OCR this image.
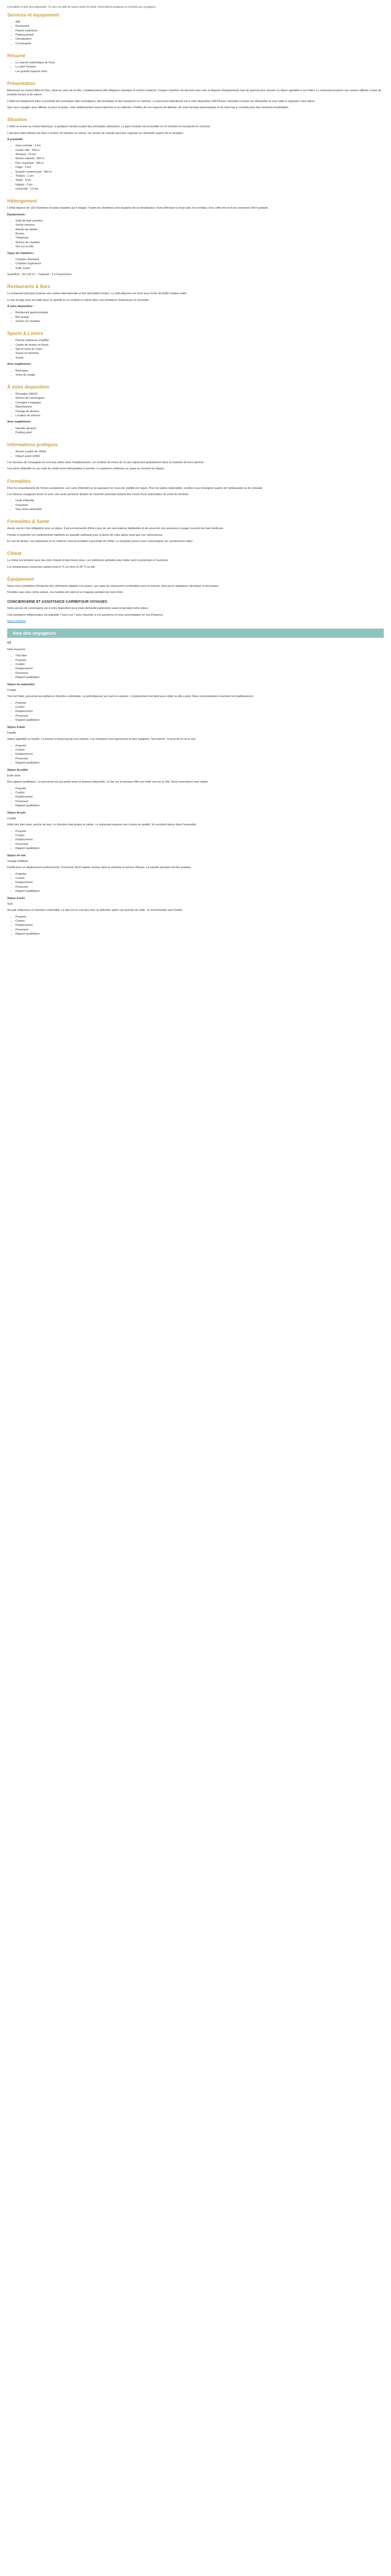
Formalités et liste des préparatifs. Ce qu'il est utile de savoir avant de partir, informations pratiques et conseils aux voyageurs.

Services et équipement
• Wifi
• Restaurant
• Piscine extérieure
• Parking gratuit
• Climatisation
• Conciergerie
Résumé
• Le charme authentique de Paris
• Le style Parisien
• Les grands espaces verts
Présentation

Bienvenue au Grand Hôtel du Parc, situé au cœur de la ville. L'établissement allie élégance classique et confort moderne. Chaque chambre est décorée avec soin et dispose d'équipements haut de gamme pour assurer un séjour agréable à nos hôtes. Le restaurant propose une cuisine raffinée à base de produits locaux et de saison.

L'hôtel est idéalement situé à proximité des principaux sites touristiques, des boutiques et des transports en commun. Le personnel attentionné est à votre disposition 24h/24 pour répondre à toutes vos demandes et vous aider à organiser votre séjour.

Que vous voyagiez pour affaires ou pour le plaisir, notre établissement saura répondre à vos attentes. Profitez de nos espaces de détente, de notre terrasse panoramique et de notre bar à cocktails pour des moments inoubliables.

Situation

L'hôtel se trouve au centre historique, à quelques minutes à pied des principales attractions. La gare centrale est accessible en 10 minutes en transports en commun.

L'aéroport international est situé à environ 30 minutes en voiture. Un service de navette peut être organisé sur demande auprès de la réception.

À proximité :

• Gare centrale : 2 km
• Centre-ville : 500 m
• Aéroport : 25 km
• Musée national : 800 m
• Parc municipal : 300 m
• Plage : 3 km
• Quartier commerçant : 600 m
• Théâtre : 1 km
• Stade : 4 km
• Hôpital : 2 km
• Université : 1,5 km
Hébergement

L'hôtel dispose de 120 chambres et suites réparties sur 6 étages. Toutes les chambres sont équipées de la climatisation, d'une télévision à écran plat, d'un minibar, d'un coffre-fort et d'une connexion Wi-Fi gratuite.

Équipements :

• Salle de bain privative
• Sèche-cheveux
• Articles de toilette
• Bureau
• Téléphone
• Service de chambre
• Vue sur la ville

Types de chambres :

• Chambre Standard
• Chambre Supérieure
• Suite Junior

Superficie : 20 à 45 m² – Capacité : 1 à 4 personnes

Restaurants & Bars

Le restaurant principal propose une cuisine internationale et des spécialités locales. Le petit-déjeuner est servi sous forme de buffet chaque matin.

Le bar lounge vous accueille pour un apéritif ou un cocktail en soirée dans une ambiance chaleureuse et conviviale.

À votre disposition :

• Restaurant gastronomique
• Bar lounge
• Service en chambre
Sports & Loisirs
• Piscine extérieure chauffée
• Centre de remise en forme
• Spa et soins du corps
• Sauna et hammam
• Tennis

Avec supplément :

• Massages
• Soins du visage
À votre disposition
• Réception 24h/24
• Service de conciergerie
• Consigne à bagages
• Blanchisserie
• Change de devises
• Location de voitures

Avec supplément :

• Navette aéroport
• Parking privé
Informations pratiques
• Arrivée à partir de 14h00
• Départ avant 12h00

Les animaux de compagnie ne sont pas admis dans l'établissement. Les enfants de moins de 12 ans séjournent gratuitement dans la chambre de leurs parents.

Une pièce d'identité et une carte de crédit seront demandées à l'arrivée. Le paiement s'effectue sur place au moment du départ.

Formalités

Pour les ressortissants de l'Union européenne, une carte d'identité ou un passeport en cours de validité est requis. Pour les autres nationalités, veuillez vous renseigner auprès de l'ambassade ou du consulat.

Les mineurs voyageant seuls ou avec une seule personne titulaire de l'autorité parentale doivent être munis d'une autorisation de sortie du territoire.

• Carte d'identité
• Passeport
• Visa selon nationalité
Formalités & Santé

Aucun vaccin n'est obligatoire pour ce séjour. Il est recommandé d'être à jour de ses vaccinations habituelles et de souscrire une assurance voyage couvrant les frais médicaux.

Pensez à emporter vos médicaments habituels en quantité suffisante pour la durée de votre séjour ainsi que vos ordonnances.

En cas de besoin, une pharmacie et un médecin sont accessibles à proximité de l'hôtel. La réception pourra vous communiquer les coordonnées utiles.

Climat

Le climat est tempéré avec des étés chauds et des hivers doux. Les meilleures périodes pour visiter sont le printemps et l'automne.

Les températures moyennes varient entre 8 °C en hiver et 28 °C en été.

Équipement

Nous vous conseillons d'emporter des vêtements adaptés à la saison, une paire de chaussures confortables pour la marche, ainsi qu'un adaptateur électrique si nécessaire.

N'oubliez pas votre crème solaire, vos lunettes de soleil et un chapeau pendant les mois d'été.

CONCIERGERIE ET ASSISTANCE CARREFOUR VOYAGES

Notre service de conciergerie est à votre disposition pour toute demande particulière avant et pendant votre séjour.

Une assistance téléphonique est joignable 7 jours sur 7 pour répondre à vos questions et vous accompagner en cas d'imprévu.

Nous contacter

Avis des voyageurs

4,5

Note moyenne

• Très bien
• Propreté
• Confort
• Emplacement
• Personnel
• Rapport qualité/prix

Séjour de septembre

Couple

Très bel hôtel, personnel accueillant et chambre confortable. Le petit-déjeuner est varié et copieux. L'emplacement est idéal pour visiter la ville à pied. Nous recommandons vivement cet établissement.

• Propreté
• Confort
• Emplacement
• Personnel
• Rapport qualité/prix

Séjour d'août

Famille

Séjour agréable en famille. La piscine a beaucoup plu aux enfants. Les chambres sont spacieuses et bien équipées. Seul bémol : le bruit de la rue le soir.

• Propreté
• Confort
• Emplacement
• Personnel
• Rapport qualité/prix

Séjour de juillet

Entre amis

Bon rapport qualité/prix. Le personnel est aux petits soins et toujours disponible. Le bar sur la terrasse offre une belle vue sur la ville. Nous reviendrons avec plaisir.

• Propreté
• Confort
• Emplacement
• Personnel
• Rapport qualité/prix

Séjour de juin

Couple

Hôtel très bien situé, proche de tout. La chambre était propre et calme. Le restaurant propose une cuisine de qualité. Un excellent séjour dans l'ensemble.

• Propreté
• Confort
• Emplacement
• Personnel
• Rapport qualité/prix

Séjour de mai

Voyage d'affaires

Parfait pour un déplacement professionnel. Connexion Wi-Fi rapide, bureau dans la chambre et service efficace. La navette aéroport est très pratique.

• Propreté
• Confort
• Emplacement
• Personnel
• Rapport qualité/prix

Séjour d'avril

Solo

Accueil chaleureux et chambre confortable. Le spa est un vrai plus pour se détendre après une journée de visite. Je recommande sans hésiter.

• Propreté
• Confort
• Emplacement
• Personnel
• Rapport qualité/prix
